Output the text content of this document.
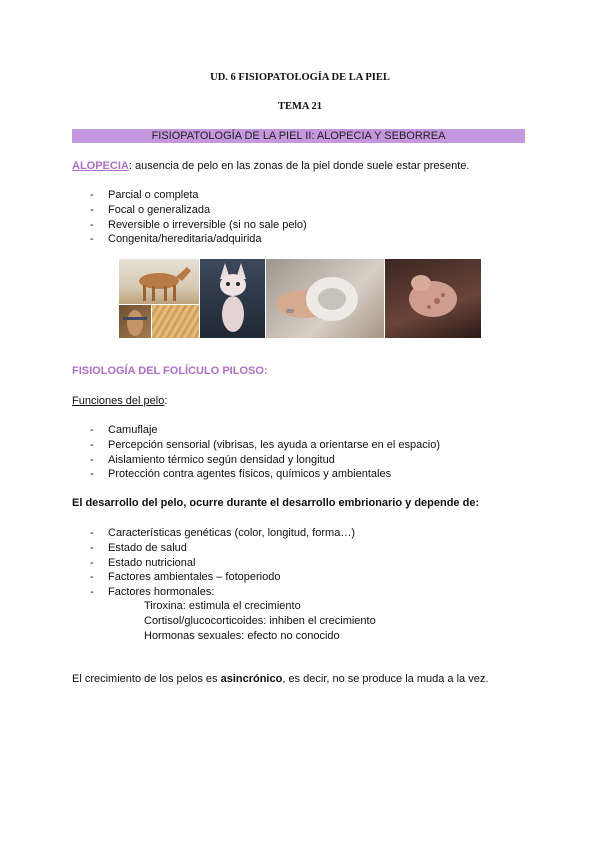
UD. 6 FISIOPATOLOGÍA DE LA PIEL
TEMA 21
FISIOPATOLOGÍA DE LA PIEL II: ALOPECIA Y SEBORREA
ALOPECIA: ausencia de pelo en las zonas de la piel donde suele estar presente.
- Parcial o completa
- Focal o generalizada
- Reversible o irreversible (si no sale pelo)
- Congenita/hereditaria/adquirida
FISIOLOGÍA DEL FOLÍCULO PILOSO:
Funciones del pelo:
- Camuflaje
- Percepción sensorial (vibrisas, les ayuda a orientarse en el espacio)
- Aislamiento térmico según densidad y longitud
- Protección contra agentes físicos, químicos y ambientales
El desarrollo del pelo, ocurre durante el desarrollo embrionario y depende de:
- Características genéticas (color, longitud, forma…)
- Estado de salud
- Estado nutricional
- Factores ambientales – fotoperiodo
- Factores hormonales:
Tiroxina: estimula el crecimiento
Cortisol/glucocorticoides: inhiben el crecimiento
Hormonas sexuales: efecto no conocido
El crecimiento de los pelos es asincrónico, es decir, no se produce la muda a la vez.
